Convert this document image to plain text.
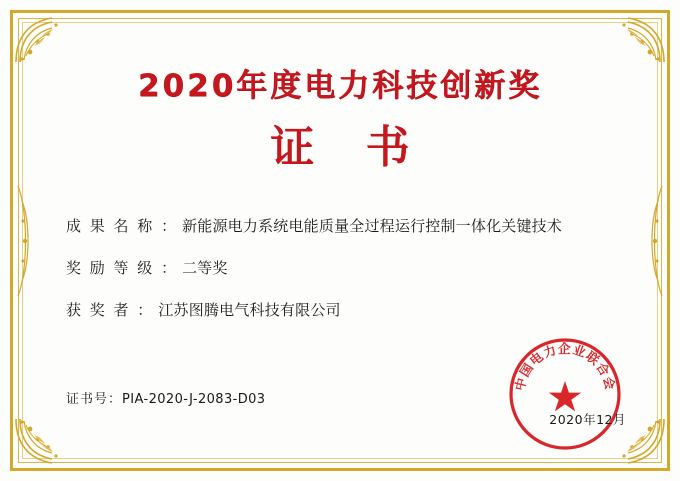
2020年度电力科技创新奖
证 书
成 果 名 称 ： 新能源电力系统电能质量全过程运行控制一体化关键技术
奖 励 等 级 ： 二等奖
获 奖 者 ： 江苏图腾电气科技有限公司
证书号：PIA-2020-J-2083-D03
中国电力企业联合会
2020年12月
